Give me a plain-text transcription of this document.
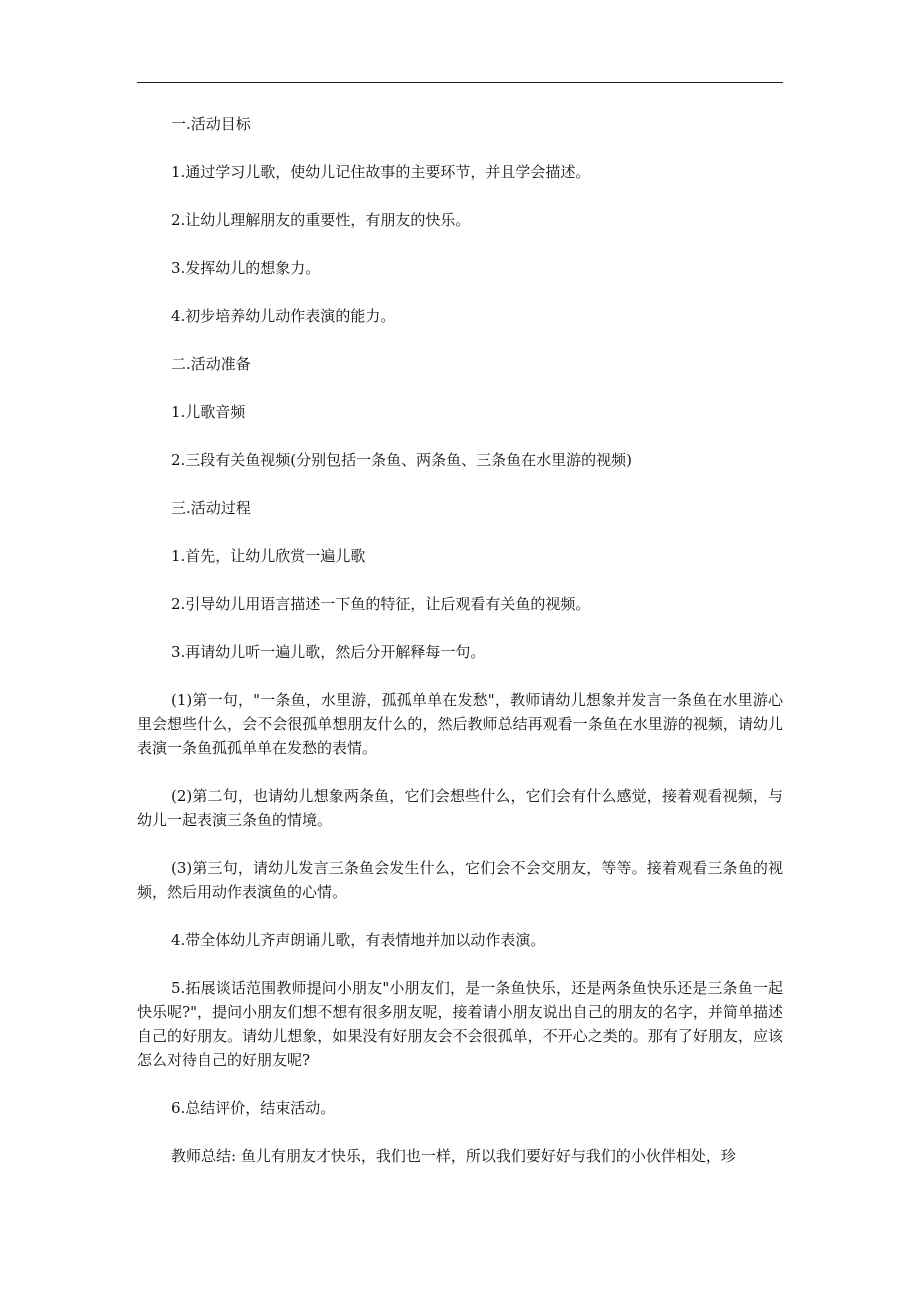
一.活动目标

1.通过学习儿歌，使幼儿记住故事的主要环节，并且学会描述。

2.让幼儿理解朋友的重要性，有朋友的快乐。

3.发挥幼儿的想象力。

4.初步培养幼儿动作表演的能力。

二.活动准备

1.儿歌音频

2.三段有关鱼视频(分别包括一条鱼、两条鱼、三条鱼在水里游的视频)

三.活动过程

1.首先，让幼儿欣赏一遍儿歌

2.引导幼儿用语言描述一下鱼的特征，让后观看有关鱼的视频。

3.再请幼儿听一遍儿歌，然后分开解释每一句。

(1)第一句，"一条鱼，水里游，孤孤单单在发愁"，教师请幼儿想象并发言一条鱼在水里游心里会想些什么，会不会很孤单想朋友什么的，然后教师总结再观看一条鱼在水里游的视频，请幼儿表演一条鱼孤孤单单在发愁的表情。

(2)第二句，也请幼儿想象两条鱼，它们会想些什么，它们会有什么感觉，接着观看视频，与幼儿一起表演三条鱼的情境。

(3)第三句，请幼儿发言三条鱼会发生什么，它们会不会交朋友，等等。接着观看三条鱼的视频，然后用动作表演鱼的心情。

4.带全体幼儿齐声朗诵儿歌，有表情地并加以动作表演。

5.拓展谈话范围教师提问小朋友"小朋友们，是一条鱼快乐，还是两条鱼快乐还是三条鱼一起快乐呢?"，提问小朋友们想不想有很多朋友呢，接着请小朋友说出自己的朋友的名字，并简单描述自己的好朋友。请幼儿想象，如果没有好朋友会不会很孤单，不开心之类的。那有了好朋友，应该怎么对待自己的好朋友呢?

6.总结评价，结束活动。

教师总结: 鱼儿有朋友才快乐，我们也一样，所以我们要好好与我们的小伙伴相处，珍
